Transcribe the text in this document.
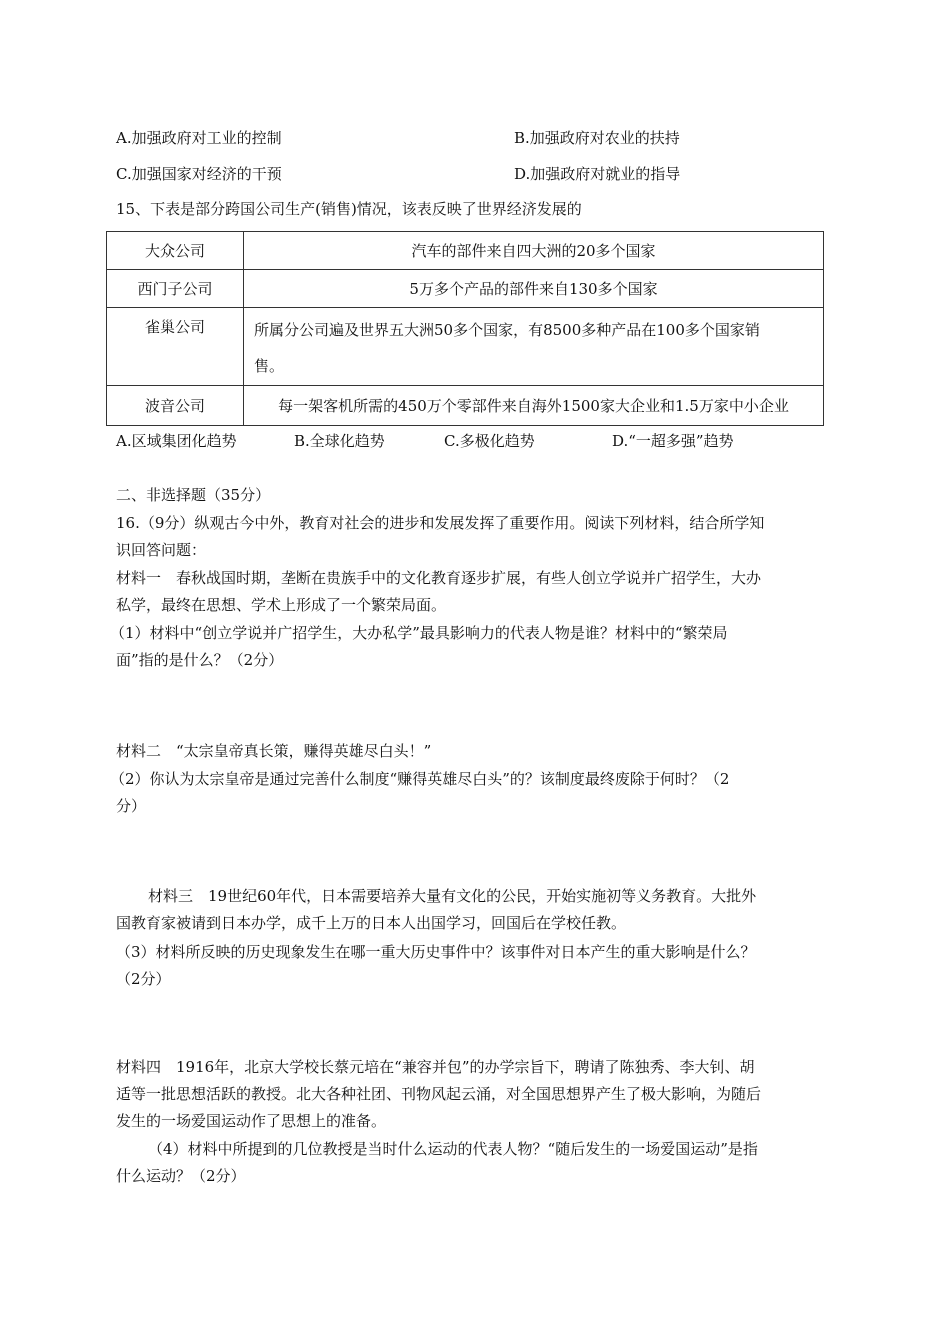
A.加强政府对工业的控制	B.加强政府对农业的扶持
C.加强国家对经济的干预	D.加强政府对就业的指导
15、下表是部分跨国公司生产(销售)情况，该表反映了世界经济发展的
大众公司	汽车的部件来自四大洲的20多个国家
西门子公司	5万多个产品的部件来自130多个国家
雀巢公司	所属分公司遍及世界五大洲50多个国家，有8500多种产品在100多个国家销
售。

波音公司	每一架客机所需的450万个零部件来自海外1500家大企业和1.5万家中小企业
A.区域集团化趋势	B.全球化趋势	C.多极化趋势	D.“一超多强”趋势
二、非选择题（35分）
16.（9分）纵观古今中外，教育对社会的进步和发展发挥了重要作用。阅读下列材料，结合所学知
识回答问题：
材料一　春秋战国时期，垄断在贵族手中的文化教育逐步扩展，有些人创立学说并广招学生，大办
私学，最终在思想、学术上形成了一个繁荣局面。
（1）材料中“创立学说并广招学生，大办私学”最具影响力的代表人物是谁？材料中的“繁荣局
面”指的是什么？（2分）
材料二　“太宗皇帝真长策，赚得英雄尽白头！”
（2）你认为太宗皇帝是通过完善什么制度“赚得英雄尽白头”的？该制度最终废除于何时？（2
分）
材料三　19世纪60年代，日本需要培养大量有文化的公民，开始实施初等义务教育。大批外
国教育家被请到日本办学，成千上万的日本人出国学习，回国后在学校任教。
（3）材料所反映的历史现象发生在哪一重大历史事件中？该事件对日本产生的重大影响是什么？
（2分）
材料四　1916年，北京大学校长蔡元培在“兼容并包”的办学宗旨下，聘请了陈独秀、李大钊、胡
适等一批思想活跃的教授。北大各种社团、刊物风起云涌，对全国思想界产生了极大影响，为随后
发生的一场爱国运动作了思想上的准备。
（4）材料中所提到的几位教授是当时什么运动的代表人物？“随后发生的一场爱国运动”是指
什么运动？（2分）
